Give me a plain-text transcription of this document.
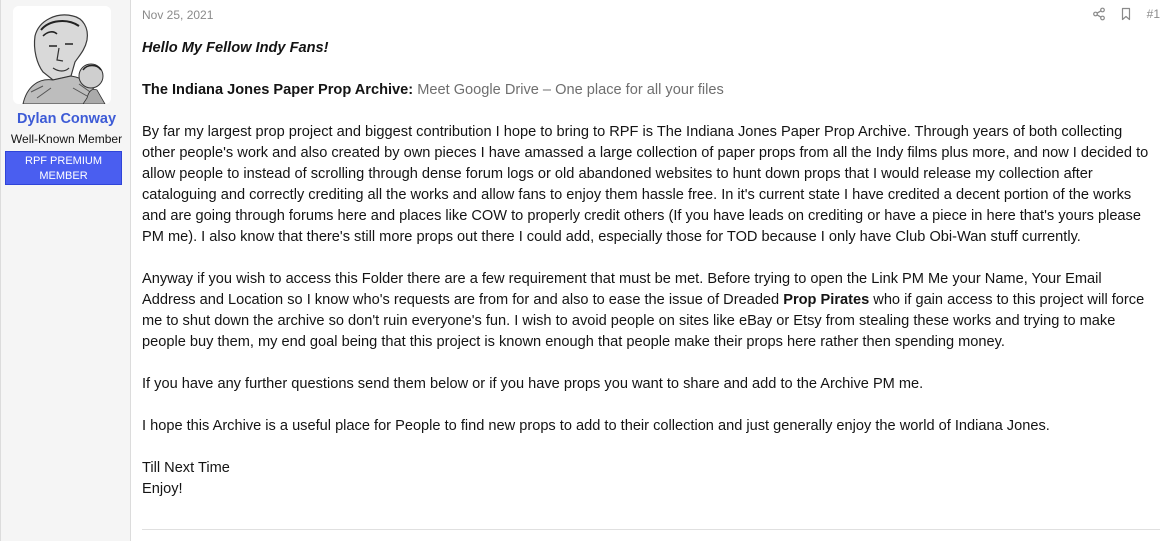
Dylan Conway
Well-Known Member
RPF PREMIUM MEMBER
Nov 25, 2021	#1

Hello My Fellow Indy Fans!

The Indiana Jones Paper Prop Archive: Meet Google Drive – One place for all your files

By far my largest prop project and biggest contribution I hope to bring to RPF is The Indiana Jones Paper Prop Archive. Through years of both collecting other people's work and also created by own pieces I have amassed a large collection of paper props from all the Indy films plus more, and now I decided to allow people to instead of scrolling through dense forum logs or old abandoned websites to hunt down props that I would release my collection after cataloguing and correctly crediting all the works and allow fans to enjoy them hassle free. In it's current state I have credited a decent portion of the works and are going through forums here and places like COW to properly credit others (If you have leads on crediting or have a piece in here that's yours please PM me). I also know that there's still more props out there I could add, especially those for TOD because I only have Club Obi-Wan stuff currently.

Anyway if you wish to access this Folder there are a few requirement that must be met. Before trying to open the Link PM Me your Name, Your Email Address and Location so I know who's requests are from for and also to ease the issue of Dreaded Prop Pirates who if gain access to this project will force me to shut down the archive so don't ruin everyone's fun. I wish to avoid people on sites like eBay or Etsy from stealing these works and trying to make people buy them, my end goal being that this project is known enough that people make their props here rather then spending money.

If you have any further questions send them below or if you have props you want to share and add to the Archive PM me.

I hope this Archive is a useful place for People to find new props to add to their collection and just generally enjoy the world of Indiana Jones.

Till Next Time
Enjoy!
